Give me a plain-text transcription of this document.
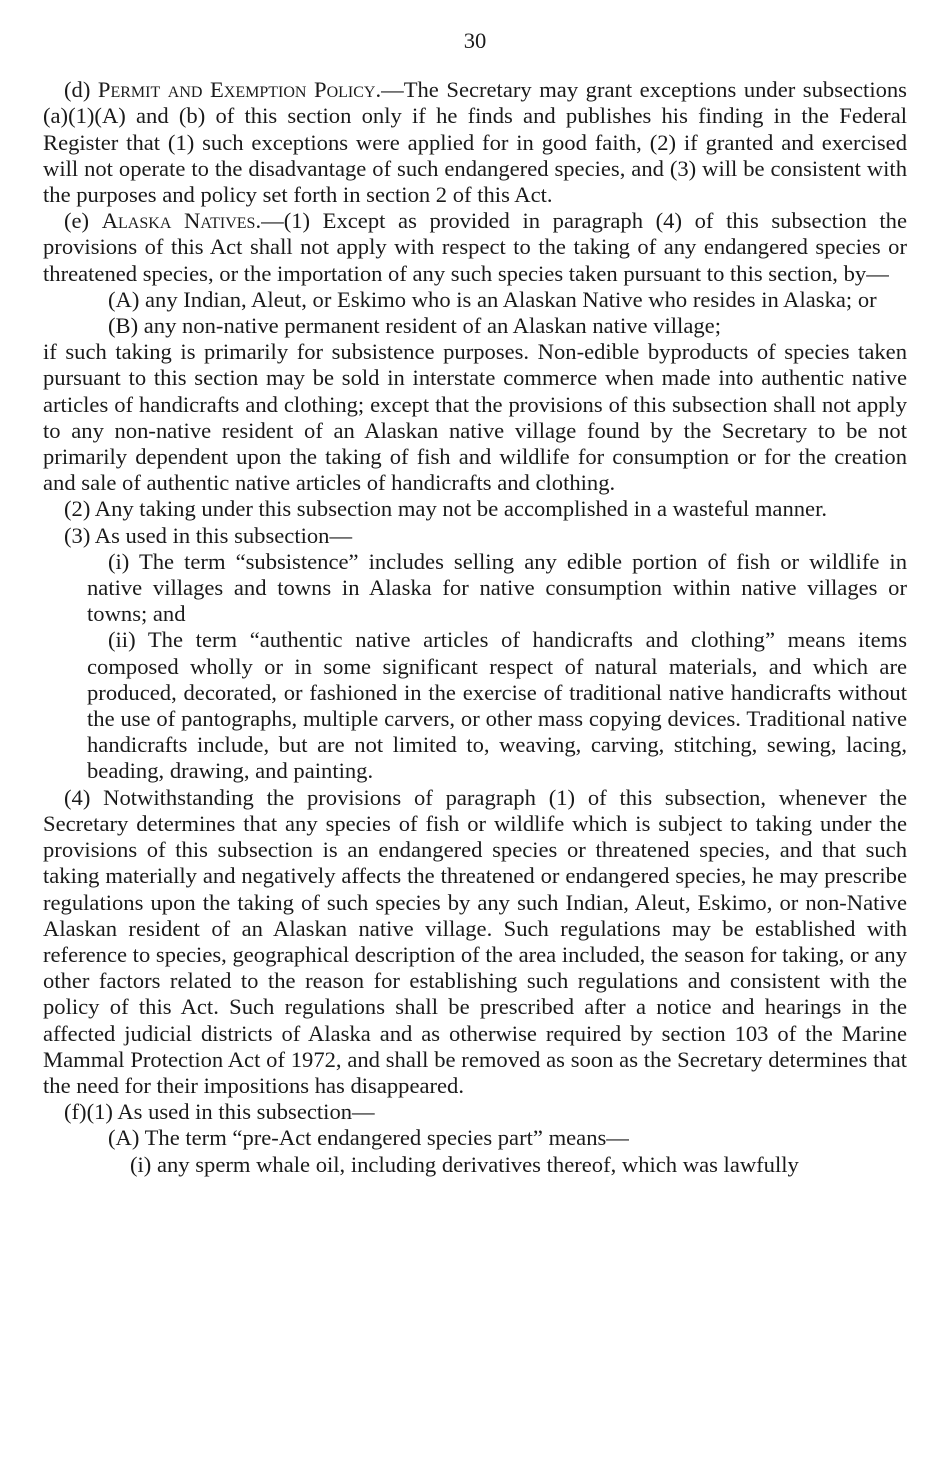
30

(d) Permit and Exemption Policy.—The Secretary may grant exceptions under subsections (a)(1)(A) and (b) of this section only if he finds and publishes his finding in the Federal Register that (1) such exceptions were applied for in good faith, (2) if granted and exercised will not operate to the disadvantage of such endangered species, and (3) will be consistent with the purposes and policy set forth in section 2 of this Act.

(e) Alaska Natives.—(1) Except as provided in paragraph (4) of this subsection the provisions of this Act shall not apply with respect to the taking of any endangered species or threatened species, or the importation of any such species taken pursuant to this section, by—

(A) any Indian, Aleut, or Eskimo who is an Alaskan Native who resides in Alaska; or

(B) any non-native permanent resident of an Alaskan native village;

if such taking is primarily for subsistence purposes. Non-edible byproducts of species taken pursuant to this section may be sold in interstate commerce when made into authentic native articles of handicrafts and clothing; except that the provisions of this subsection shall not apply to any non-native resident of an Alaskan native village found by the Secretary to be not primarily dependent upon the taking of fish and wildlife for consumption or for the creation and sale of authentic native articles of handicrafts and clothing.

(2) Any taking under this subsection may not be accomplished in a wasteful manner.

(3) As used in this subsection—

(i) The term “subsistence” includes selling any edible portion of fish or wildlife in native villages and towns in Alaska for native consumption within native villages or towns; and

(ii) The term “authentic native articles of handicrafts and clothing” means items composed wholly or in some significant respect of natural materials, and which are produced, decorated, or fashioned in the exercise of traditional native handicrafts without the use of pantographs, multiple carvers, or other mass copying devices. Traditional native handicrafts include, but are not limited to, weaving, carving, stitching, sewing, lacing, beading, drawing, and painting.

(4) Notwithstanding the provisions of paragraph (1) of this subsection, whenever the Secretary determines that any species of fish or wildlife which is subject to taking under the provisions of this subsection is an endangered species or threatened species, and that such taking materially and negatively affects the threatened or endangered species, he may prescribe regulations upon the taking of such species by any such Indian, Aleut, Eskimo, or non-Native Alaskan resident of an Alaskan native village. Such regulations may be established with reference to species, geographical description of the area included, the season for taking, or any other factors related to the reason for establishing such regulations and consistent with the policy of this Act. Such regulations shall be prescribed after a notice and hearings in the affected judicial districts of Alaska and as otherwise required by section 103 of the Marine Mammal Protection Act of 1972, and shall be removed as soon as the Secretary determines that the need for their impositions has disappeared.

(f)(1) As used in this subsection—

(A) The term “pre-Act endangered species part” means—

(i) any sperm whale oil, including derivatives thereof, which was lawfully
